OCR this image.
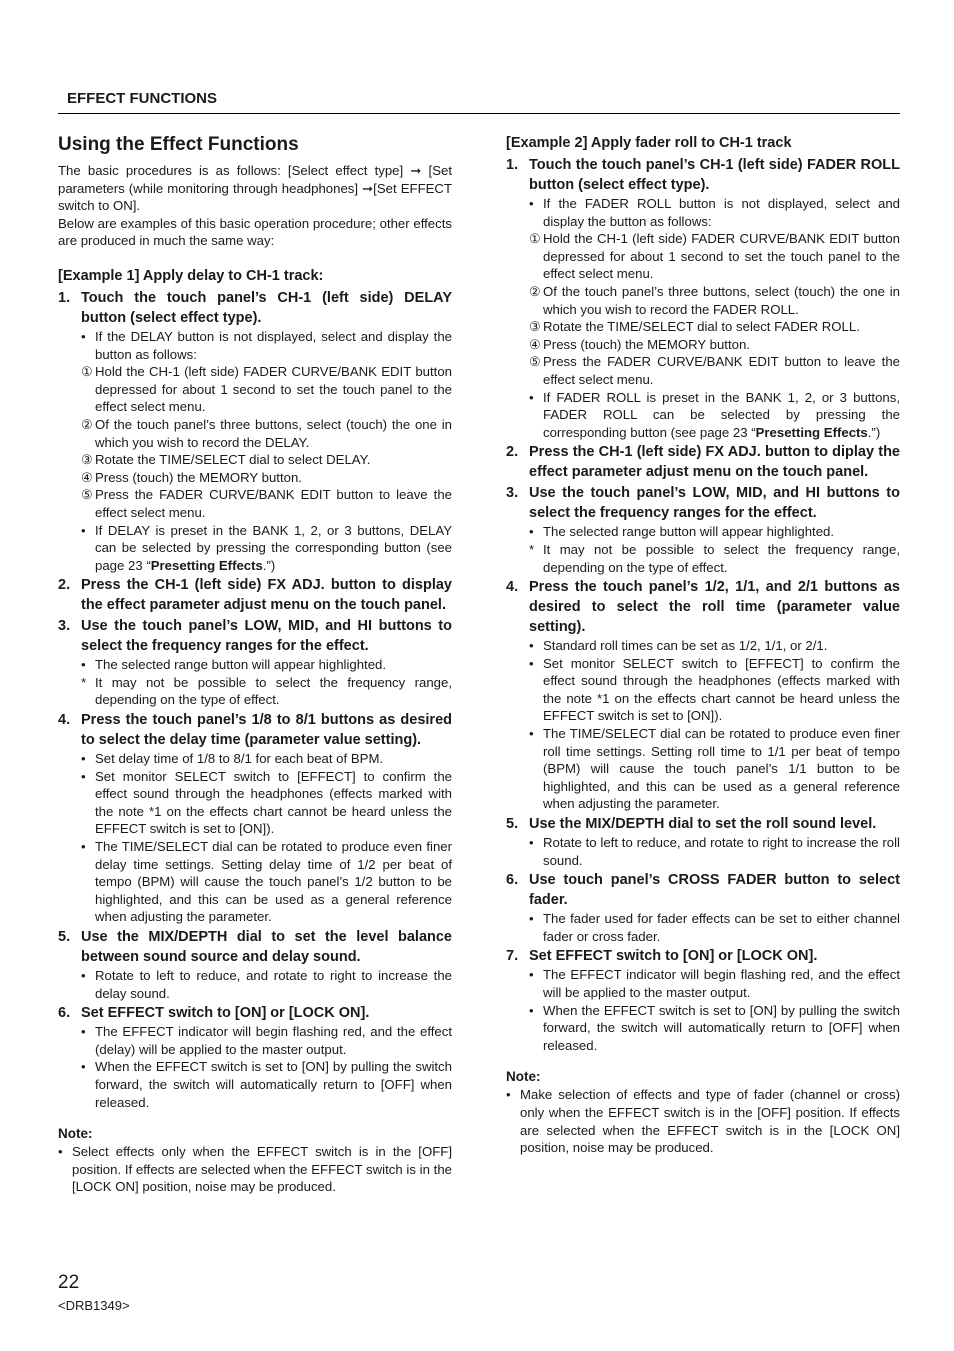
EFFECT FUNCTIONS
Using the Effect Functions

The basic procedures is as follows: [Select effect type] ➞ [Set parameters (while monitoring through headphones] ➞[Set EFFECT switch to ON].

Below are examples of this basic operation procedure; other effects are produced in much the same way:

[Example 1] Apply delay to CH-1 track:
1. Touch the touch panel’s CH-1 (left side) DELAY button (select effect type).
• If the DELAY button is not displayed, select and display the button as follows:
① Hold the CH-1 (left side) FADER CURVE/BANK EDIT button depressed for about 1 second to set the touch panel to the effect select menu.
② Of the touch panel’s three buttons, select (touch) the one in which you wish to record the DELAY.
③ Rotate the TIME/SELECT dial to select DELAY.
④ Press (touch) the MEMORY button.
⑤ Press the FADER CURVE/BANK EDIT button to leave the effect select menu.
• If DELAY is preset in the BANK 1, 2, or 3 buttons, DELAY can be selected by pressing the corresponding button (see page 23 “Presetting Effects.”)
2. Press the CH-1 (left side) FX ADJ. button to display the effect parameter adjust menu on the touch panel.
3. Use the touch panel’s LOW, MID, and HI buttons to select the frequency ranges for the effect.
• The selected range button will appear highlighted.
* It may not be possible to select the frequency range, depending on the type of effect.
4. Press the touch panel’s 1/8 to 8/1 buttons as desired to select the delay time (parameter value setting).
• Set delay time of 1/8 to 8/1 for each beat of BPM.
• Set monitor SELECT switch to [EFFECT] to confirm the effect sound through the headphones (effects marked with the note *1 on the effects chart cannot be heard unless the EFFECT switch is set to [ON]).
• The TIME/SELECT dial can be rotated to produce even finer delay time settings. Setting delay time of 1/2 per beat of tempo (BPM) will cause the touch panel’s 1/2 button to be highlighted, and this can be used as a general reference when adjusting the parameter.
5. Use the MIX/DEPTH dial to set the level balance between sound source and delay sound.
• Rotate to left to reduce, and rotate to right to increase the delay sound.
6. Set EFFECT switch to [ON] or [LOCK ON].
• The EFFECT indicator will begin flashing red, and the effect (delay) will be applied to the master output.
• When the EFFECT switch is set to [ON] by pulling the switch forward, the switch will automatically return to [OFF] when released.
Note:
• Select effects only when the EFFECT switch is in the [OFF] position. If effects are selected when the EFFECT switch is in the [LOCK ON] position, noise may be produced.
[Example 2] Apply fader roll to CH-1 track
1. Touch the touch panel’s CH-1 (left side) FADER ROLL button (select effect type).
• If the FADER ROLL button is not displayed, select and display the button as follows:
① Hold the CH-1 (left side) FADER CURVE/BANK EDIT button depressed for about 1 second to set the touch panel to the effect select menu.
② Of the touch panel’s three buttons, select (touch) the one in which you wish to record the FADER ROLL.
③ Rotate the TIME/SELECT dial to select FADER ROLL.
④ Press (touch) the MEMORY button.
⑤ Press the FADER CURVE/BANK EDIT button to leave the effect select menu.
• If FADER ROLL is preset in the BANK 1, 2, or 3 buttons, FADER ROLL can be selected by pressing the corresponding button (see page 23 “Presetting Effects.”)
2. Press the CH-1 (left side) FX ADJ. button to diplay the effect parameter adjust menu on the touch panel.
3. Use the touch panel’s LOW, MID, and HI buttons to select the frequency ranges for the effect.
• The selected range button will appear highlighted.
* It may not be possible to select the frequency range, depending on the type of effect.
4. Press the touch panel’s 1/2, 1/1, and 2/1 buttons as desired to select the roll time (parameter value setting).
• Standard roll times can be set as 1/2, 1/1, or 2/1.
• Set monitor SELECT switch to [EFFECT] to confirm the effect sound through the headphones (effects marked with the note *1 on the effects chart cannot be heard unless the EFFECT switch is set to [ON]).
• The TIME/SELECT dial can be rotated to produce even finer roll time settings. Setting roll time to 1/1 per beat of tempo (BPM) will cause the touch panel’s 1/1 button to be highlighted, and this can be used as a general reference when adjusting the parameter.
5. Use the MIX/DEPTH dial to set the roll sound level.
• Rotate to left to reduce, and rotate to right to increase the roll sound.
6. Use touch panel’s CROSS FADER button to select fader.
• The fader used for fader effects can be set to either channel fader or cross fader.
7. Set EFFECT switch to [ON] or [LOCK ON].
• The EFFECT indicator will begin flashing red, and the effect will be applied to the master output.
• When the EFFECT switch is set to [ON] by pulling the switch forward, the switch will automatically return to [OFF] when released.
Note:
• Make selection of effects and type of fader (channel or cross) only when the EFFECT switch is in the [OFF] position. If effects are selected when the EFFECT switch is in the [LOCK ON] position, noise may be produced.
22
<DRB1349>
